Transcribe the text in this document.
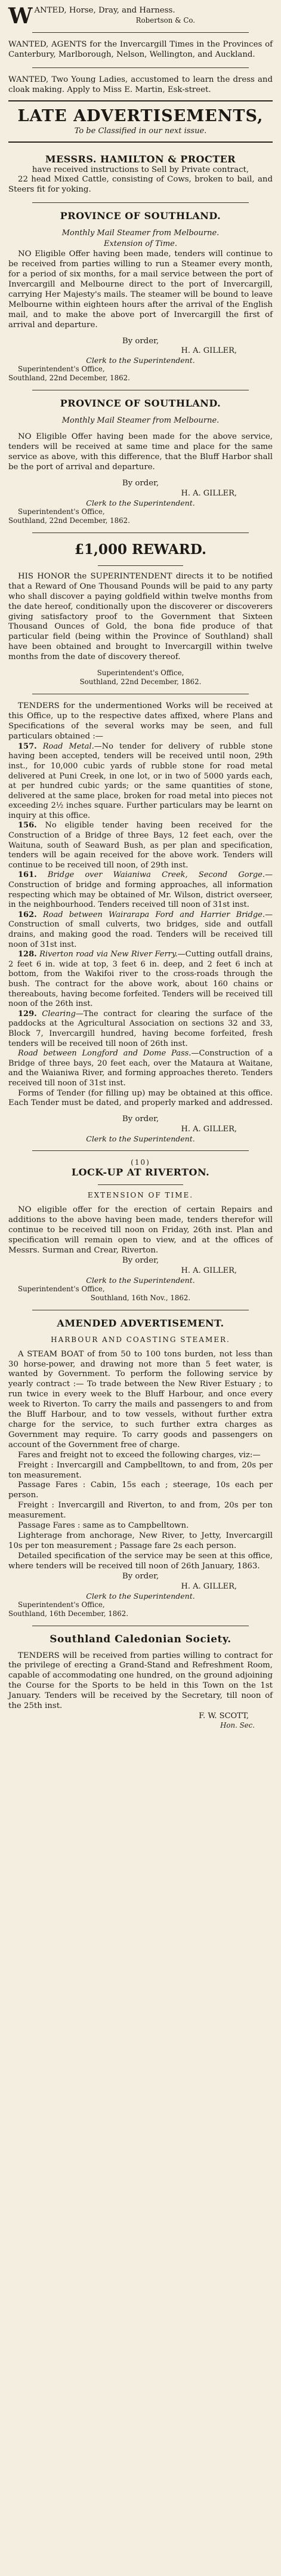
WANTED, Horse, Dray, and Harness.

Robertson & Co.

WANTED, AGENTS for the Invercargill Times in the Provinces of Canterbury, Marlborough, Nelson, Wellington, and Auckland.

WANTED, Two Young Ladies, accustomed to learn the dress and cloak making. Apply to Miss E. Martin, Esk-street.

LATE ADVERTISEMENTS,

To be Classified in our next issue.

MESSRS. HAMILTON & PROCTER

have received instructions to Sell by Private contract,

22 head Mixed Cattle, consisting of Cows, broken to bail, and Steers fit for yoking.

PROVINCE OF SOUTHLAND.

Monthly Mail Steamer from Melbourne.

Extension of Time.

NO Eligible Offer having been made, tenders will continue to be received from parties willing to run a Steamer every month, for a period of six months, for a mail service between the port of Invercargill and Melbourne direct to the port of Invercargill, carrying Her Majesty's mails. The steamer will be bound to leave Melbourne within eighteen hours after the arrival of the English mail, and to make the above port of Invercargill the first of arrival and departure.

By order,

H. A. GILLER,

Clerk to the Superintendent.

Superintendent's Office,

Southland, 22nd December, 1862.

PROVINCE OF SOUTHLAND.

Monthly Mail Steamer from Melbourne.

NO Eligible Offer having been made for the above service, tenders will be received at same time and place for the same service as above, with this difference, that the Bluff Harbor shall be the port of arrival and departure.

By order,

H. A. GILLER,

Clerk to the Superintendent.

Superintendent's Office,

Southland, 22nd December, 1862.

£1,000 REWARD.

HIS HONOR the SUPERINTENDENT directs it to be notified that a Reward of One Thousand Pounds will be paid to any party who shall discover a paying goldfield within twelve months from the date hereof, conditionally upon the discoverer or discoverers giving satisfactory proof to the Government that Sixteen Thousand Ounces of Gold, the bona fide produce of that particular field (being within the Province of Southland) shall have been obtained and brought to Invercargill within twelve months from the date of discovery thereof.

Superintendent's Office,

Southland, 22nd December, 1862.

TENDERS for the undermentioned Works will be received at this Office, up to the respective dates affixed, where Plans and Specifications of the several works may be seen, and full particulars obtained :—

157. Road Metal.—No tender for delivery of rubble stone having been accepted, tenders will be received until noon, 29th inst., for 10,000 cubic yards of rubble stone for road metal delivered at Puni Creek, in one lot, or in two of 5000 yards each, at per hundred cubic yards; or the same quantities of stone, delivered at the same place, broken for road metal into pieces not exceeding 2½ inches square. Further particulars may be learnt on inquiry at this office.

156. No eligible tender having been received for the Construction of a Bridge of three Bays, 12 feet each, over the Waituna, south of Seaward Bush, as per plan and specification, tenders will be again received for the above work. Tenders will continue to be received till noon, of 29th inst.

161. Bridge over Waianiwa Creek, Second Gorge.—Construction of bridge and forming approaches, all information respecting which may be obtained of Mr. Wilson, district overseer, in the neighbourhood. Tenders received till noon of 31st inst.

162. Road between Wairarapa Ford and Harrier Bridge.—Construction of small culverts, two bridges, side and outfall drains, and making good the road. Tenders will be received till noon of 31st inst.

128. Riverton road via New River Ferry.—Cutting outfall drains, 2 feet 6 in. wide at top, 3 feet 6 in. deep, and 2 feet 6 inch at bottom, from the Wakifoi river to the cross-roads through the bush. The contract for the above work, about 160 chains or thereabouts, having become forfeited. Tenders will be received till noon of the 26th inst.

129. Clearing—The contract for clearing the surface of the paddocks at the Agricultural Association on sections 32 and 33, Block 7, Invercargill hundred, having become forfeited, fresh tenders will be received till noon of 26th inst.

Road between Longford and Dome Pass.—Construction of a Bridge of three bays, 20 feet each, over the Mataura at Waitane, and the Waianiwa River, and forming approaches thereto. Tenders received till noon of 31st inst.

Forms of Tender (for filling up) may be obtained at this office. Each Tender must be dated, and properly marked and addressed.

By order,

H. A. GILLER,

Clerk to the Superintendent.

(10)

LOCK-UP AT RIVERTON.

EXTENSION OF TIME.

NO eligible offer for the erection of certain Repairs and additions to the above having been made, tenders therefor will continue to be received till noon on Friday, 26th inst. Plan and specification will remain open to view, and at the offices of Messrs. Surman and Crear, Riverton.

By order,

H. A. GILLER,

Clerk to the Superintendent.

Superintendent's Office,

Southland, 16th Nov., 1862.

AMENDED ADVERTISEMENT.

HARBOUR AND COASTING STEAMER.

A STEAM BOAT of from 50 to 100 tons burden, not less than 30 horse-power, and drawing not more than 5 feet water, is wanted by Government. To perform the following service by yearly contract :— To trade between the New River Estuary ; to run twice in every week to the Bluff Harbour, and once every week to Riverton. To carry the mails and passengers to and from the Bluff Harbour, and to tow vessels, without further extra charge for the service, to such further extra charges as Government may require. To carry goods and passengers on account of the Government free of charge.

Fares and freight not to exceed the following charges, viz:—

Freight : Invercargill and Campbelltown, to and from, 20s per ton measurement.

Passage Fares : Cabin, 15s each ; steerage, 10s each per person.

Freight : Invercargill and Riverton, to and from, 20s per ton measurement.

Passage Fares : same as to Campbelltown.

Lighterage from anchorage, New River, to Jetty, Invercargill 10s per ton measurement ; Passage fare 2s each person.

Detailed specification of the service may be seen at this office, where tenders will be received till noon of 26th January, 1863.

By order,

H. A. GILLER,

Clerk to the Superintendent.

Superintendent's Office,

Southland, 16th December, 1862.

Southland Caledonian Society.

TENDERS will be received from parties willing to contract for the privilege of erecting a Grand-Stand and Refreshment Room, capable of accommodating one hundred, on the ground adjoining the Course for the Sports to be held in this Town on the 1st January. Tenders will be received by the Secretary, till noon of the 25th inst.

F. W. SCOTT,

Hon. Sec.
